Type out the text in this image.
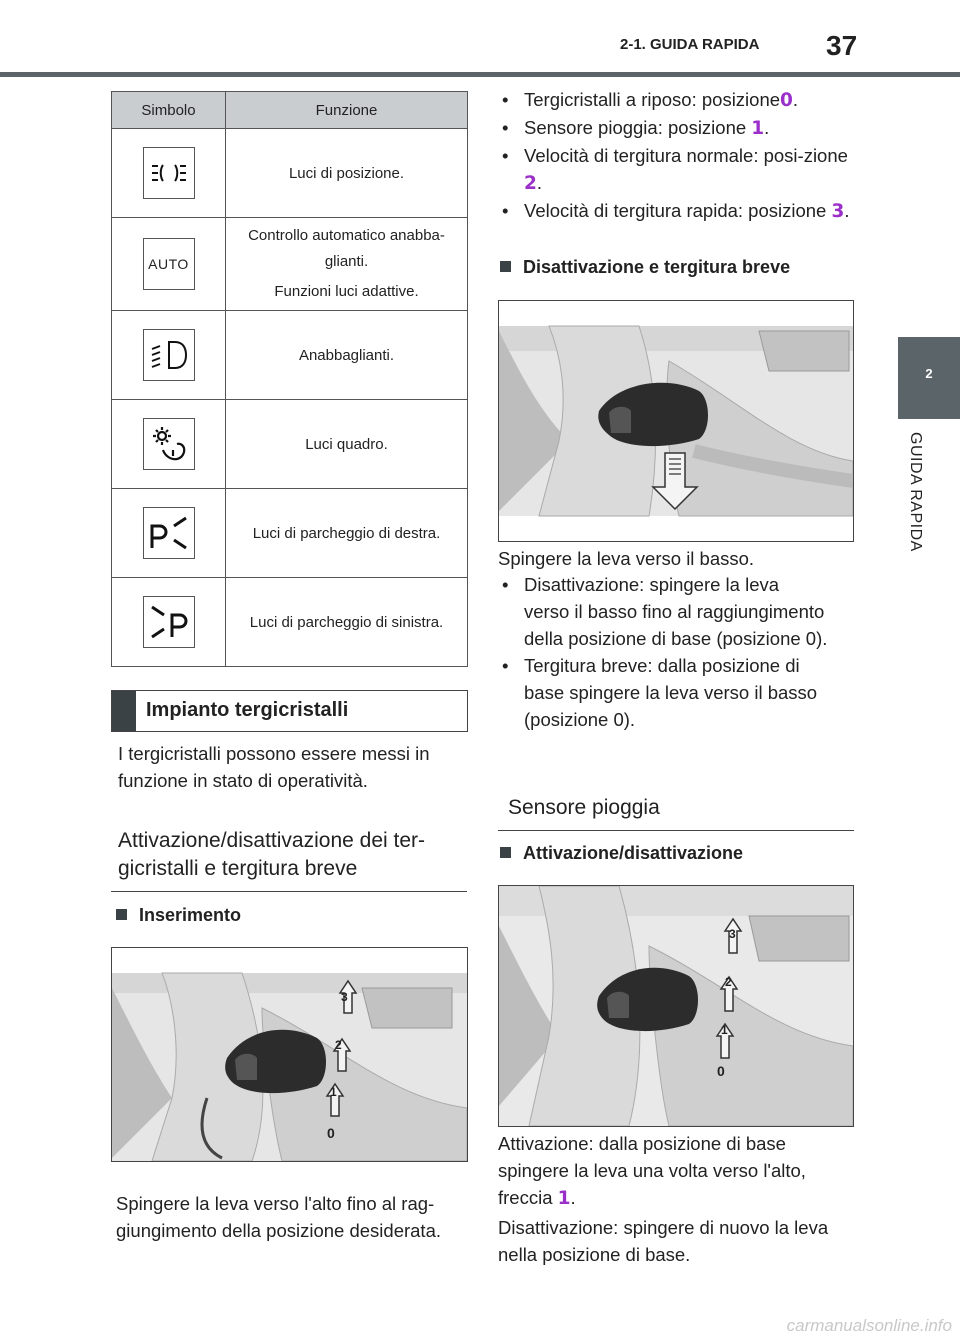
2-1. GUIDA RAPIDA 37
2
GUIDA RAPIDA
Simbolo	Funzione

	Luci di posizione.

AUTO	Controllo automatico anabba-glianti.

Funzioni luci adattive.

	Anabbaglianti.

	Luci quadro.

	Luci di parcheggio di destra.

	Luci di parcheggio di sinistra.
Impianto tergicristalli
I tergicristalli possono essere messi in funzione in stato di operatività.
Attivazione/disattivazione dei ter-gicristalli e tergitura breve
Inserimento
3
2
1
0
Spingere la leva verso l'alto fino al rag-giungimento della posizione desiderata.
• Tergicristalli a riposo: posizione0.
• Sensore pioggia: posizione 1.
• Velocità di tergitura normale: posi-zione 2.
• Velocità di tergitura rapida: posizione 3.
Disattivazione e tergitura breve
Spingere la leva verso il basso.
• Disattivazione: spingere la leva verso il basso fino al raggiungimento della posizione di base (posizione 0).
• Tergitura breve: dalla posizione di base spingere la leva verso il basso (posizione 0).
Sensore pioggia
Attivazione/disattivazione
3
2
1
0
Attivazione: dalla posizione di base spingere la leva una volta verso l'alto, freccia 1.
Disattivazione: spingere di nuovo la leva nella posizione di base.
carmanualsonline.info
